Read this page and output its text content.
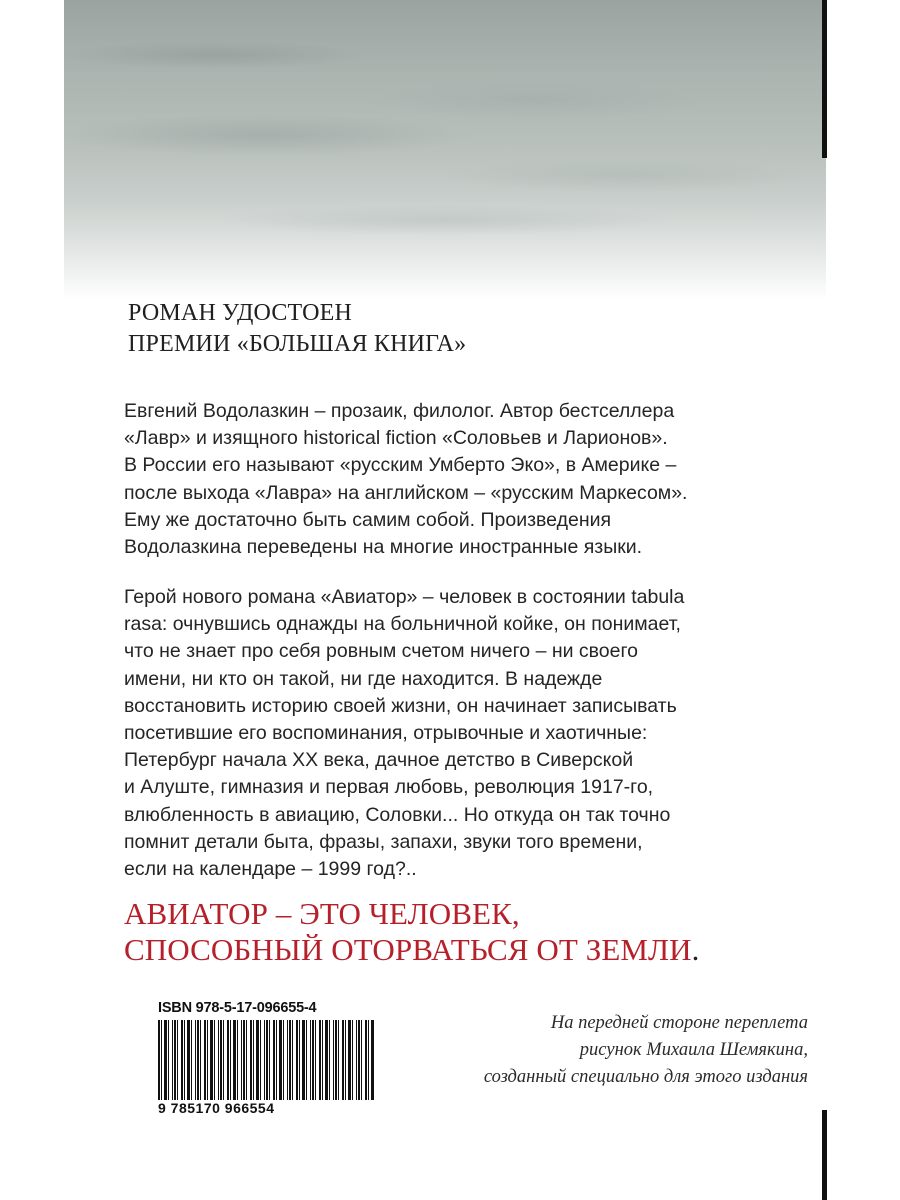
РОМАН УДОСТОЕН
ПРЕМИИ «БОЛЬШАЯ КНИГА»
Евгений Водолазкин – прозаик, филолог. Автор бестселлера
«Лавр» и изящного historical fiction «Соловьев и Ларионов».
В России его называют «русским Умберто Эко», в Америке –
после выхода «Лавра» на английском – «русским Маркесом».
Ему же достаточно быть самим собой. Произведения
Водолазкина переведены на многие иностранные языки.
Герой нового романа «Авиатор» – человек в состоянии tabula
rasa: очнувшись однажды на больничной койке, он понимает,
что не знает про себя ровным счетом ничего – ни своего
имени, ни кто он такой, ни где находится. В надежде
восстановить историю своей жизни, он начинает записывать
посетившие его воспоминания, отрывочные и хаотичные:
Петербург начала XX века, дачное детство в Сиверской
и Алуште, гимназия и первая любовь, революция 1917-го,
влюбленность в авиацию, Соловки... Но откуда он так точно
помнит детали быта, фразы, запахи, звуки того времени,
если на календаре – 1999 год?..
АВИАТОР – ЭТО ЧЕЛОВЕК,
СПОСОБНЫЙ ОТОРВАТЬСЯ ОТ ЗЕМЛИ.
ISBN 978-5-17-096655-4
9 785170 966554
На передней стороне переплета
рисунок Михаила Шемякина,
созданный специально для этого издания
